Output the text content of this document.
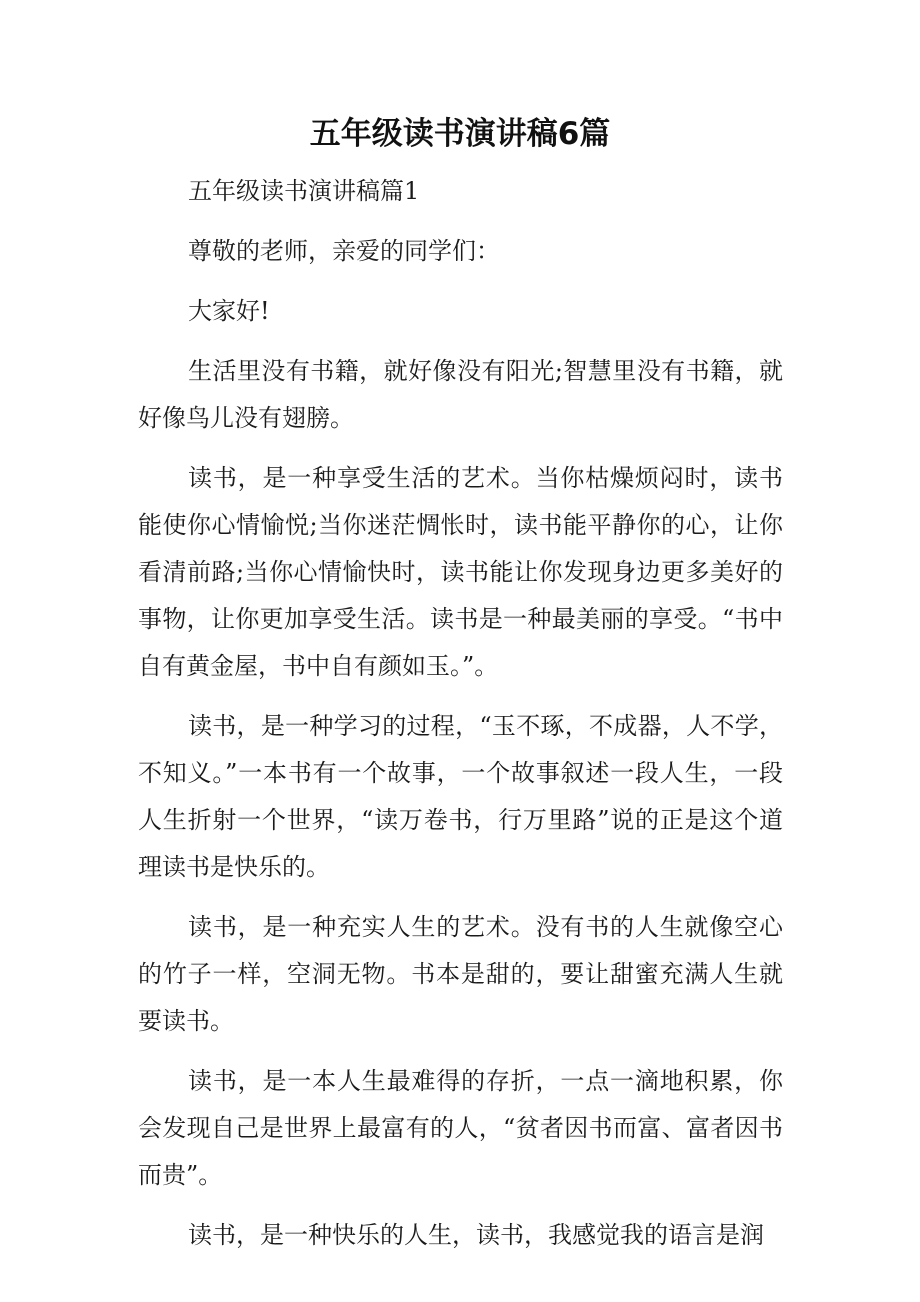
五年级读书演讲稿6篇

五年级读书演讲稿篇1

尊敬的老师，亲爱的同学们：

大家好!

生活里没有书籍，就好像没有阳光;智慧里没有书籍，就好像鸟儿没有翅膀。

读书，是一种享受生活的艺术。当你枯燥烦闷时，读书能使你心情愉悦;当你迷茫惆怅时，读书能平静你的心，让你看清前路;当你心情愉快时，读书能让你发现身边更多美好的事物，让你更加享受生活。读书是一种最美丽的享受。“书中自有黄金屋，书中自有颜如玉。”。

读书，是一种学习的过程，“玉不琢，不成器，人不学，不知义。”一本书有一个故事，一个故事叙述一段人生，一段人生折射一个世界，“读万卷书，行万里路”说的正是这个道理读书是快乐的。

读书，是一种充实人生的艺术。没有书的人生就像空心的竹子一样，空洞无物。书本是甜的，要让甜蜜充满人生就要读书。

读书，是一本人生最难得的存折，一点一滴地积累，你会发现自己是世界上最富有的人，“贫者因书而富、富者因书而贵”。

读书，是一种快乐的人生，读书，我感觉我的语言是润
